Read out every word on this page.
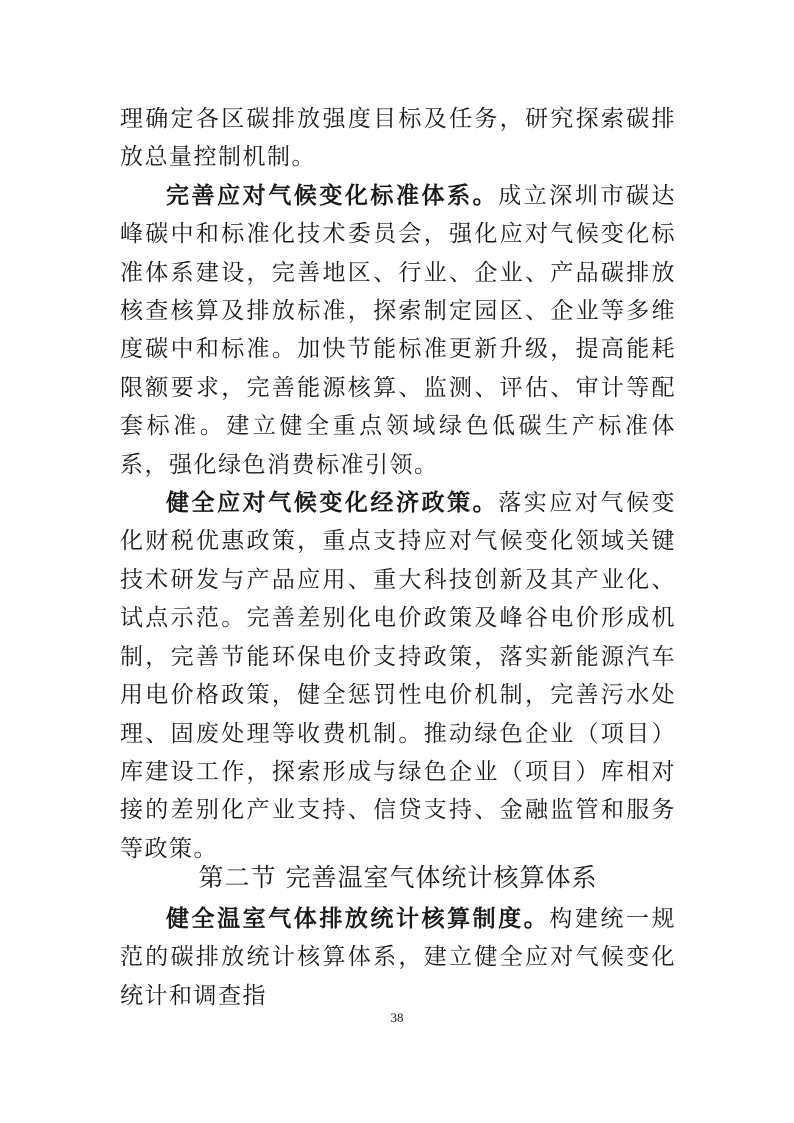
理确定各区碳排放强度目标及任务，研究探索碳排放总量控制机制。

完善应对气候变化标准体系。成立深圳市碳达峰碳中和标准化技术委员会，强化应对气候变化标准体系建设，完善地区、行业、企业、产品碳排放核查核算及排放标准，探索制定园区、企业等多维度碳中和标准。加快节能标准更新升级，提高能耗限额要求，完善能源核算、监测、评估、审计等配套标准。建立健全重点领域绿色低碳生产标准体系，强化绿色消费标准引领。

健全应对气候变化经济政策。落实应对气候变化财税优惠政策，重点支持应对气候变化领域关键技术研发与产品应用、重大科技创新及其产业化、试点示范。完善差别化电价政策及峰谷电价形成机制，完善节能环保电价支持政策，落实新能源汽车用电价格政策，健全惩罚性电价机制，完善污水处理、固废处理等收费机制。推动绿色企业（项目）库建设工作，探索形成与绿色企业（项目）库相对接的差别化产业支持、信贷支持、金融监管和服务等政策。

第二节 完善温室气体统计核算体系

健全温室气体排放统计核算制度。构建统一规范的碳排放统计核算体系，建立健全应对气候变化统计和调查指

38
